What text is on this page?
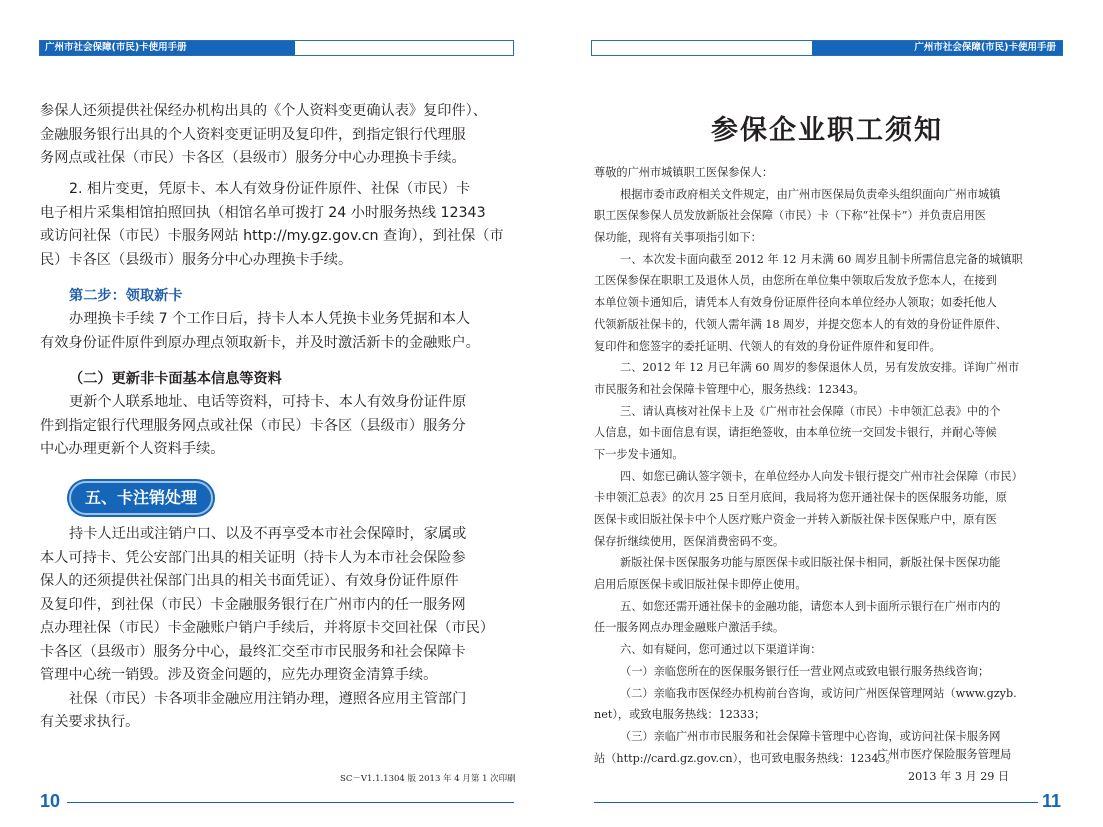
广州市社会保障(市民)卡使用手册
参保人还须提供社保经办机构出具的《个人资料变更确认表》复印件）、
金融服务银行出具的个人资料变更证明及复印件，到指定银行代理服
务网点或社保（市民）卡各区（县级市）服务分中心办理换卡手续。
2. 相片变更，凭原卡、本人有效身份证件原件、社保（市民）卡
电子相片采集相馆拍照回执（相馆名单可拨打 24 小时服务热线 12343
或访问社保（市民）卡服务网站 http://my.gz.gov.cn 查询），到社保（市
民）卡各区（县级市）服务分中心办理换卡手续。
第二步：领取新卡
办理换卡手续 7 个工作日后，持卡人本人凭换卡业务凭据和本人
有效身份证件原件到原办理点领取新卡，并及时激活新卡的金融账户。
（二）更新非卡面基本信息等资料
更新个人联系地址、电话等资料，可持卡、本人有效身份证件原
件到指定银行代理服务网点或社保（市民）卡各区（县级市）服务分
中心办理更新个人资料手续。
五、卡注销处理
持卡人迁出或注销户口、以及不再享受本市社会保障时，家属或
本人可持卡、凭公安部门出具的相关证明（持卡人为本市社会保险参
保人的还须提供社保部门出具的相关书面凭证）、有效身份证件原件
及复印件，到社保（市民）卡金融服务银行在广州市内的任一服务网
点办理社保（市民）卡金融账户销户手续后，并将原卡交回社保（市民）
卡各区（县级市）服务分中心，最终汇交至市市民服务和社会保障卡
管理中心统一销毁。涉及资金问题的，应先办理资金清算手续。
社保（市民）卡各项非金融应用注销办理，遵照各应用主管部门
有关要求执行。
SC－V1.1.1304 版 2013 年 4 月第 1 次印刷
10
广州市社会保障(市民)卡使用手册
参保企业职工须知
尊敬的广州市城镇职工医保参保人：
根据市委市政府相关文件规定，由广州市医保局负责牵头组织面向广州市城镇
职工医保参保人员发放新版社会保障（市民）卡（下称“社保卡”）并负责启用医
保功能，现将有关事项指引如下：
一、本次发卡面向截至 2012 年 12 月未满 60 周岁且制卡所需信息完备的城镇职
工医保参保在职职工及退休人员，由您所在单位集中领取后发放予您本人，在接到
本单位领卡通知后，请凭本人有效身份证原件径向本单位经办人领取；如委托他人
代领新版社保卡的，代领人需年满 18 周岁，并提交您本人的有效的身份证件原件、
复印件和您签字的委托证明、代领人的有效的身份证件原件和复印件。
二、2012 年 12 月已年满 60 周岁的参保退休人员，另有发放安排。详询广州市
市民服务和社会保障卡管理中心，服务热线：12343。
三、请认真核对社保卡上及《广州市社会保障（市民）卡申领汇总表》中的个
人信息，如卡面信息有误，请拒绝签收，由本单位统一交回发卡银行，并耐心等候
下一步发卡通知。
四、如您已确认签字领卡，在单位经办人向发卡银行提交广州市社会保障（市民）
卡申领汇总表》的次月 25 日至月底间，我局将为您开通社保卡的医保服务功能，原
医保卡或旧版社保卡中个人医疗账户资金一并转入新版社保卡医保账户中，原有医
保存折继续使用，医保消费密码不变。
新版社保卡医保服务功能与原医保卡或旧版社保卡相同，新版社保卡医保功能
启用后原医保卡或旧版社保卡即停止使用。
五、如您还需开通社保卡的金融功能，请您本人到卡面所示银行在广州市内的
任一服务网点办理金融账户激活手续。
六、如有疑问，您可通过以下渠道详询：
（一）亲临您所在的医保服务银行任一营业网点或致电银行服务热线咨询；
（二）亲临我市医保经办机构前台咨询，或访问广州医保管理网站（www.gzyb.
net），或致电服务热线：12333；
（三）亲临广州市市民服务和社会保障卡管理中心咨询，或访问社保卡服务网
站（http://card.gz.gov.cn），也可致电服务热线：12343。
广州市医疗保险服务管理局
2013 年 3 月 29 日
11
